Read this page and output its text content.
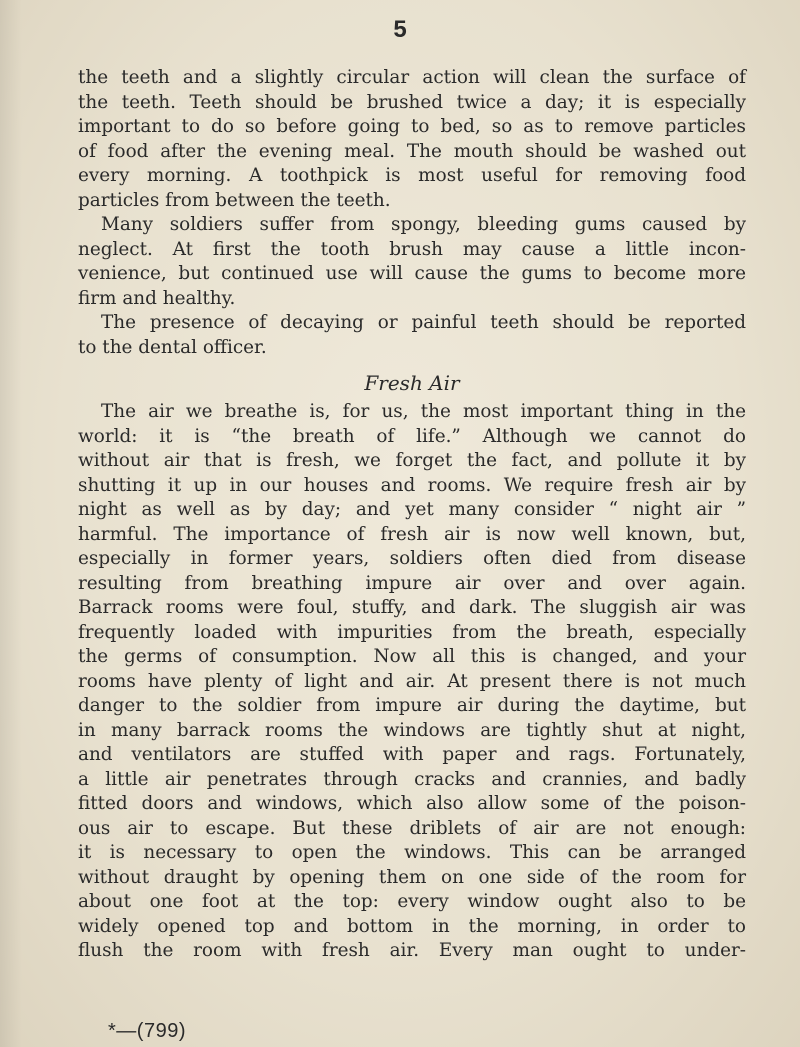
5
the teeth and a slightly circular action will clean the surface of
the teeth. Teeth should be brushed twice a day; it is especially
important to do so before going to bed, so as to remove particles
of food after the evening meal. The mouth should be washed out
every morning. A toothpick is most useful for removing food
particles from between the teeth.
Many soldiers suffer from spongy, bleeding gums caused by
neglect. At first the tooth brush may cause a little incon-
venience, but continued use will cause the gums to become more
firm and healthy.
The presence of decaying or painful teeth should be reported
to the dental officer.
Fresh Air
The air we breathe is, for us, the most important thing in the
world: it is “the breath of life.” Although we cannot do
without air that is fresh, we forget the fact, and pollute it by
shutting it up in our houses and rooms. We require fresh air by
night as well as by day; and yet many consider “ night air ”
harmful. The importance of fresh air is now well known, but,
especially in former years, soldiers often died from disease
resulting from breathing impure air over and over again.
Barrack rooms were foul, stuffy, and dark. The sluggish air was
frequently loaded with impurities from the breath, especially
the germs of consumption. Now all this is changed, and your
rooms have plenty of light and air. At present there is not much
danger to the soldier from impure air during the daytime, but
in many barrack rooms the windows are tightly shut at night,
and ventilators are stuffed with paper and rags. Fortunately,
a little air penetrates through cracks and crannies, and badly
fitted doors and windows, which also allow some of the poison-
ous air to escape. But these driblets of air are not enough:
it is necessary to open the windows. This can be arranged
without draught by opening them on one side of the room for
about one foot at the top: every window ought also to be
widely opened top and bottom in the morning, in order to
flush the room with fresh air. Every man ought to under-
*—(799)
